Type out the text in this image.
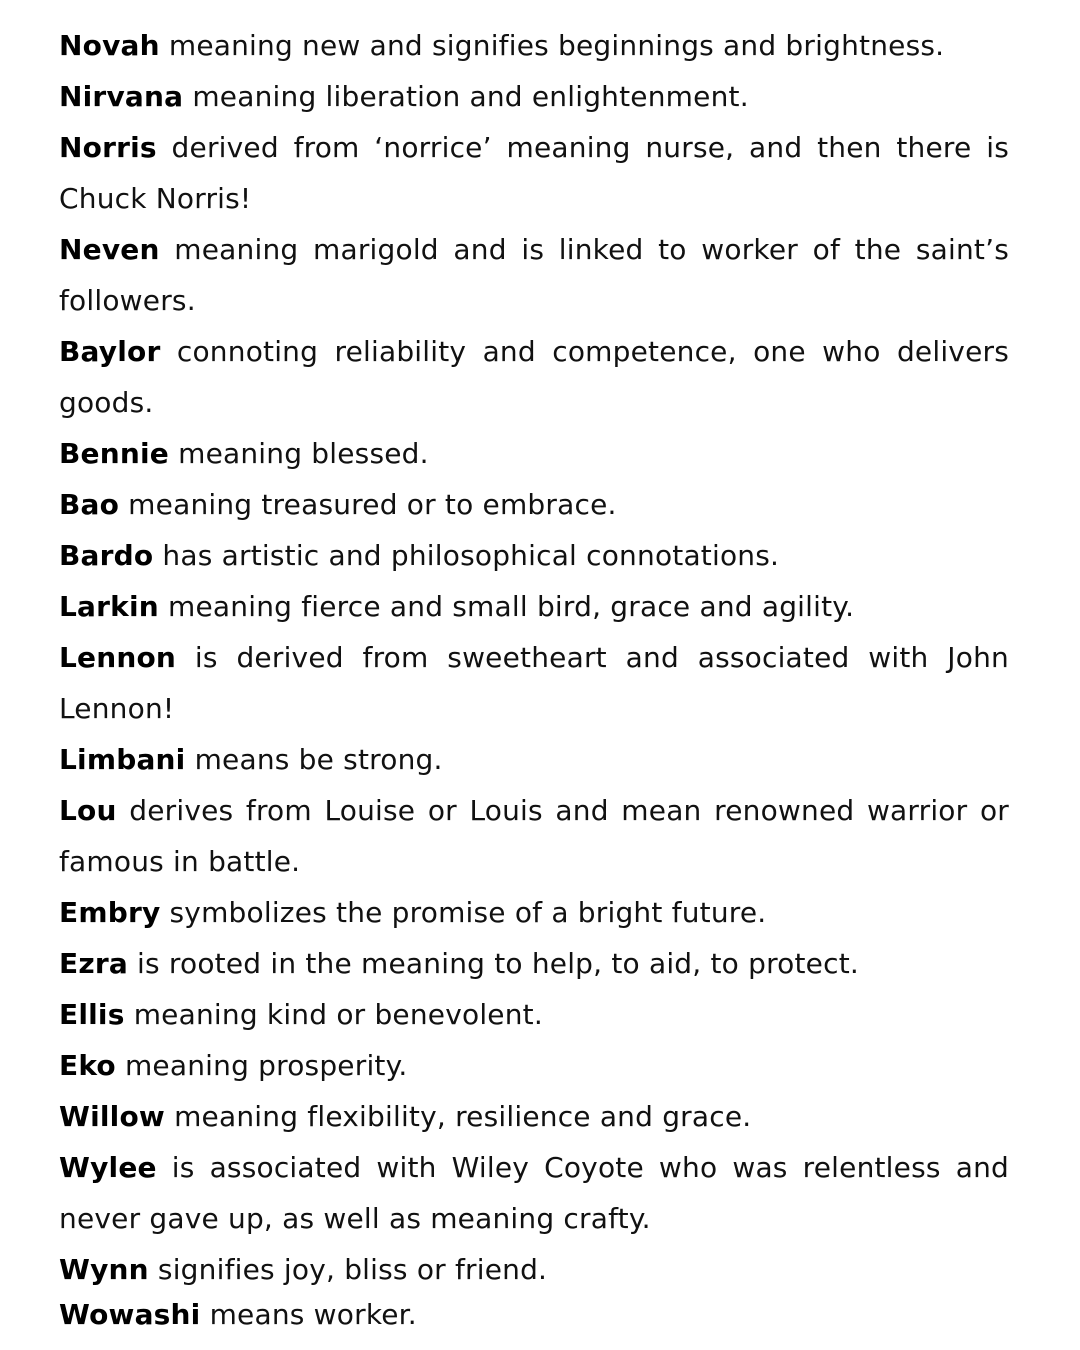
Novah meaning new and signifies beginnings and brightness.

Nirvana meaning liberation and enlightenment.

Norris derived from ‘norrice’ meaning nurse, and then there is Chuck Norris!

Neven meaning marigold and is linked to worker of the saint’s followers.

Baylor connoting reliability and competence, one who delivers goods.

Bennie meaning blessed.

Bao meaning treasured or to embrace.

Bardo has artistic and philosophical connotations.

Larkin meaning fierce and small bird, grace and agility.

Lennon is derived from sweetheart and associated with John Lennon!

Limbani means be strong.

Lou derives from Louise or Louis and mean renowned warrior or famous in battle.

Embry symbolizes the promise of a bright future.

Ezra is rooted in the meaning to help, to aid, to protect.

Ellis meaning kind or benevolent.

Eko meaning prosperity.

Willow meaning flexibility, resilience and grace.

Wylee is associated with Wiley Coyote who was relentless and never gave up, as well as meaning crafty.

Wynn signifies joy, bliss or friend.

Wowashi means worker.
